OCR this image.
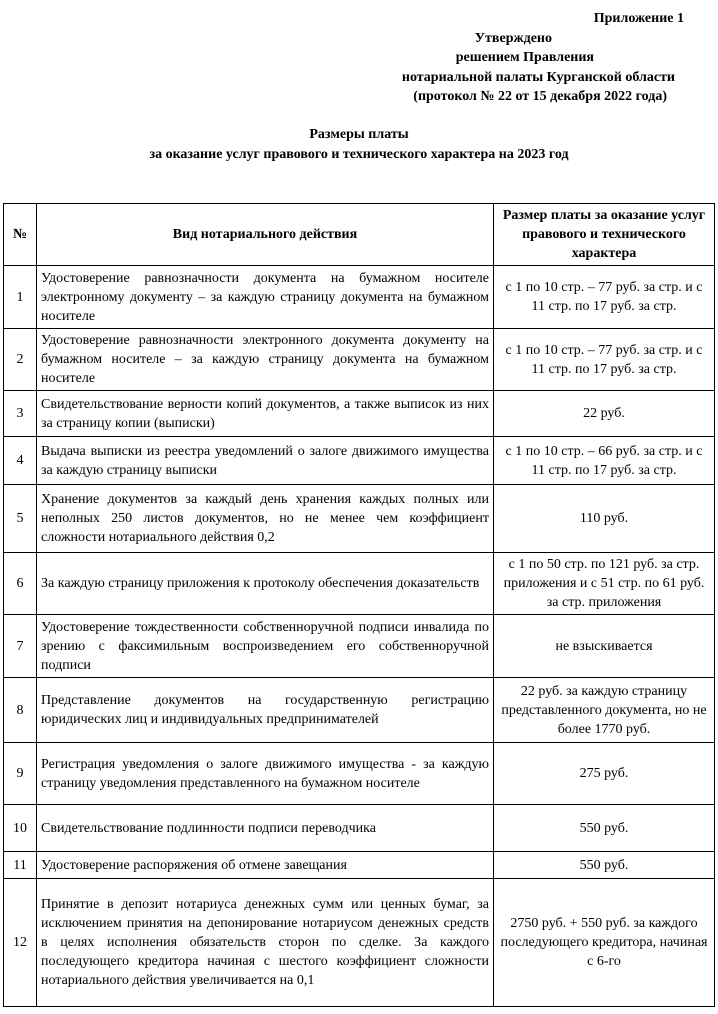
Приложение 1
Утверждено
решением Правления
нотариальной палаты Курганской области
(протокол № 22 от 15 декабря 2022 года)
Размеры платы
за оказание услуг правового и технического характера на 2023 год
№	Вид нотариального действия	Размер платы за оказание услуг правового и технического характера
1	Удостоверение равнозначности документа на бумажном носителе электронному документу – за каждую страницу документа на бумажном носителе	с 1 по 10 стр. – 77 руб. за стр. и с 11 стр. по 17 руб. за стр.
2	Удостоверение равнозначности электронного документа документу на бумажном носителе – за каждую страницу документа на бумажном носителе	с 1 по 10 стр. – 77 руб. за стр. и с 11 стр. по 17 руб. за стр.
3	Свидетельствование верности копий документов, а также выписок из них за страницу копии (выписки)	22 руб.
4	Выдача выписки из реестра уведомлений о залоге движимого имущества за каждую страницу выписки	с 1 по 10 стр. – 66 руб. за стр. и с 11 стр. по 17 руб. за стр.
5	Хранение документов за каждый день хранения каждых полных или неполных 250 листов документов, но не менее чем коэффициент сложности нотариального действия 0,2	110 руб.
6	За каждую страницу приложения к протоколу обеспечения доказательств	с 1 по 50 стр. по 121 руб. за стр. приложения и с 51 стр. по 61 руб. за стр. приложения
7	Удостоверение тождественности собственноручной подписи инвалида по зрению с факсимильным воспроизведением его собственноручной подписи	не взыскивается
8	Представление документов на государственную регистрацию юридических лиц и индивидуальных предпринимателей	22 руб. за каждую страницу представленного документа, но не более 1770 руб.
9	Регистрация уведомления о залоге движимого имущества - за каждую страницу уведомления представленного на бумажном носителе	275 руб.
10	Свидетельствование подлинности подписи переводчика	550 руб.
11	Удостоверение распоряжения об отмене завещания	550 руб.
12	Принятие в депозит нотариуса денежных сумм или ценных бумаг, за исключением принятия на депонирование нотариусом денежных средств в целях исполнения обязательств сторон по сделке. За каждого последующего кредитора начиная с шестого коэффициент сложности нотариального действия увеличивается на 0,1	2750 руб. + 550 руб. за каждого последующего кредитора, начиная с 6-го
